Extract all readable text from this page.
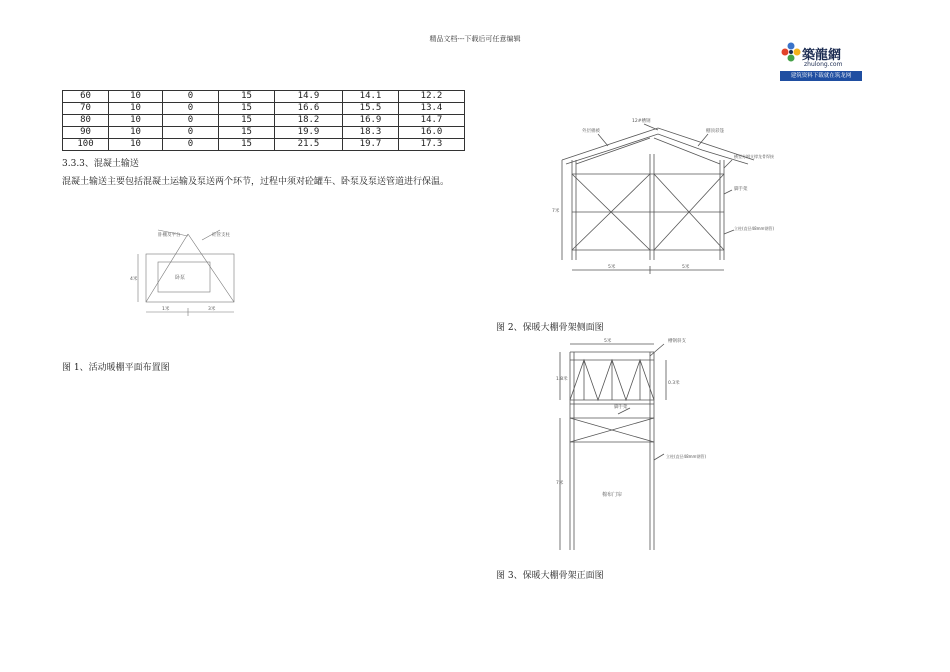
精品文档---下载后可任意编辑
築龍網
zhulong.com
建筑资料下载就在筑龙网
60	10	0	15	14.9	14.1	12.2
70	10	0	15	16.6	15.5	13.4
80	10	0	15	18.2	16.9	14.7
90	10	0	15	19.9	18.3	16.0
100	10	0	15	21.5	19.7	17.3
3.3.3、混凝土输送
混凝土输送主要包括混凝土运输及泵送两个环节，过程中须对砼罐车、卧泵及泵送管道进行保温。
卧棚及平台	砼管支柱
卧泵
4米
1米	3米
图 1、活动暖棚平面布置图
外层棉被
12#槽钢
棚顶彩篷
横竖方钢支撑龙骨焊接
脚手架
立柱(直径48mm钢管)
7米
5米	5米
图 2、保暖大棚骨架侧面图
5米	槽钢斜支
脚手架
立柱(直径48mm钢管)
棉布门帘
1.8米
0.3米
7米
图 3、保暖大棚骨架正面图
